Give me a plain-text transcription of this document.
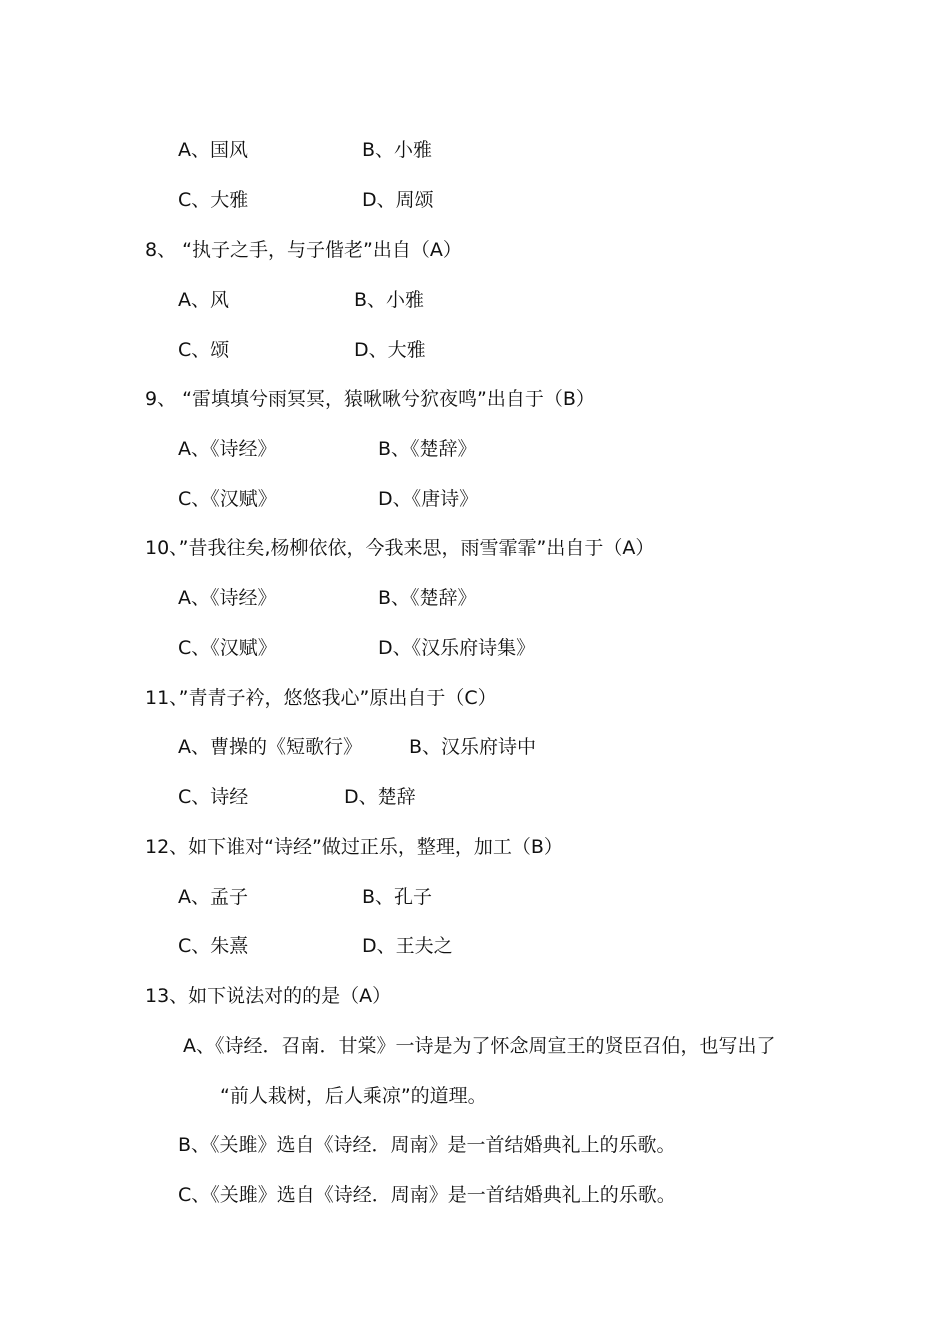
A、国风	B、小雅
C、大雅	D、周颂
8、 “执子之手，与子偕老”出自（A）
A、风	B、小雅
C、颂	D、大雅
9、 “雷填填兮雨冥冥，猿啾啾兮狖夜鸣”出自于（B）
A、《诗经》	B、《楚辞》
C、《汉赋》	D、《唐诗》
10、”昔我往矣,杨柳依依，今我来思，雨雪霏霏”出自于（A）
A、《诗经》	B、《楚辞》
C、《汉赋》	D、《汉乐府诗集》
11、”青青子衿，悠悠我心”原出自于（C）
A、曹操的《短歌行》 B、汉乐府诗中
C、诗经	D、楚辞
12、如下谁对“诗经”做过正乐，整理，加工（B）
A、孟子	B、孔子
C、朱熹	D、王夫之
13、如下说法对的的是（A）
A、《诗经．召南．甘棠》一诗是为了怀念周宣王的贤臣召伯，也写出了
“前人栽树，后人乘凉”的道理。
B、《关雎》选自《诗经．周南》是一首结婚典礼上的乐歌。
C、《关雎》选自《诗经．周南》是一首结婚典礼上的乐歌。
